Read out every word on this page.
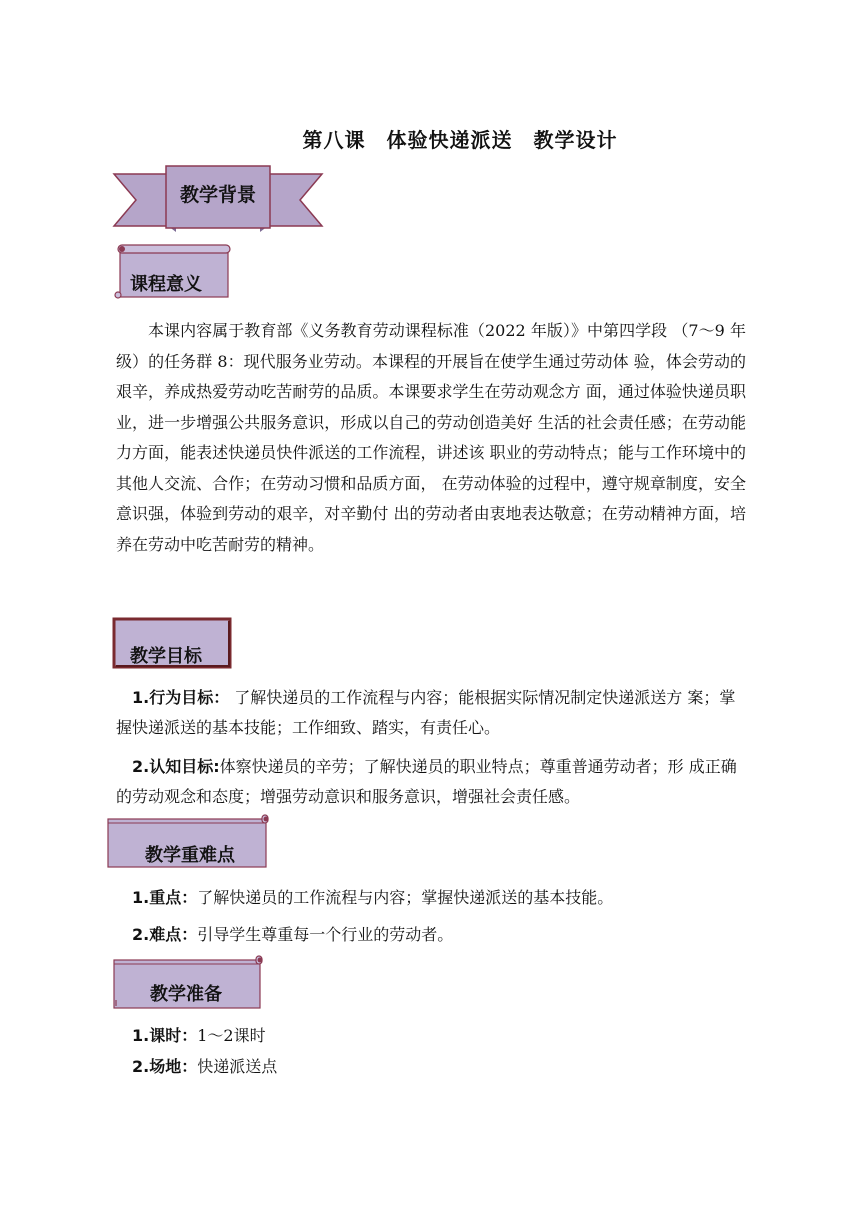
第八课　体验快递派送　教学设计
教学背景
课程意义
本课内容属于教育部《义务教育劳动课程标准（2022 年版）》中第四学段 （7～9 年级）的任务群 8：现代服务业劳动。本课程的开展旨在使学生通过劳动体 验，体会劳动的艰辛，养成热爱劳动吃苦耐劳的品质。本课要求学生在劳动观念方 面，通过体验快递员职业，进一步增强公共服务意识，形成以自己的劳动创造美好 生活的社会责任感；在劳动能力方面，能表述快递员快件派送的工作流程，讲述该 职业的劳动特点；能与工作环境中的其他人交流、合作；在劳动习惯和品质方面， 在劳动体验的过程中，遵守规章制度，安全意识强，体验到劳动的艰辛，对辛勤付 出的劳动者由衷地表达敬意；在劳动精神方面，培养在劳动中吃苦耐劳的精神。
教学目标
1.行为目标： 了解快递员的工作流程与内容；能根据实际情况制定快递派送方 案；掌握快递派送的基本技能；工作细致、踏实，有责任心。
2.认知目标:体察快递员的辛劳；了解快递员的职业特点；尊重普通劳动者；形 成正确的劳动观念和态度；增强劳动意识和服务意识，增强社会责任感。
教学重难点
1.重点：了解快递员的工作流程与内容；掌握快递派送的基本技能。
2.难点：引导学生尊重每一个行业的劳动者。
教学准备
1.课时：1～2课时
2.场地：快递派送点
